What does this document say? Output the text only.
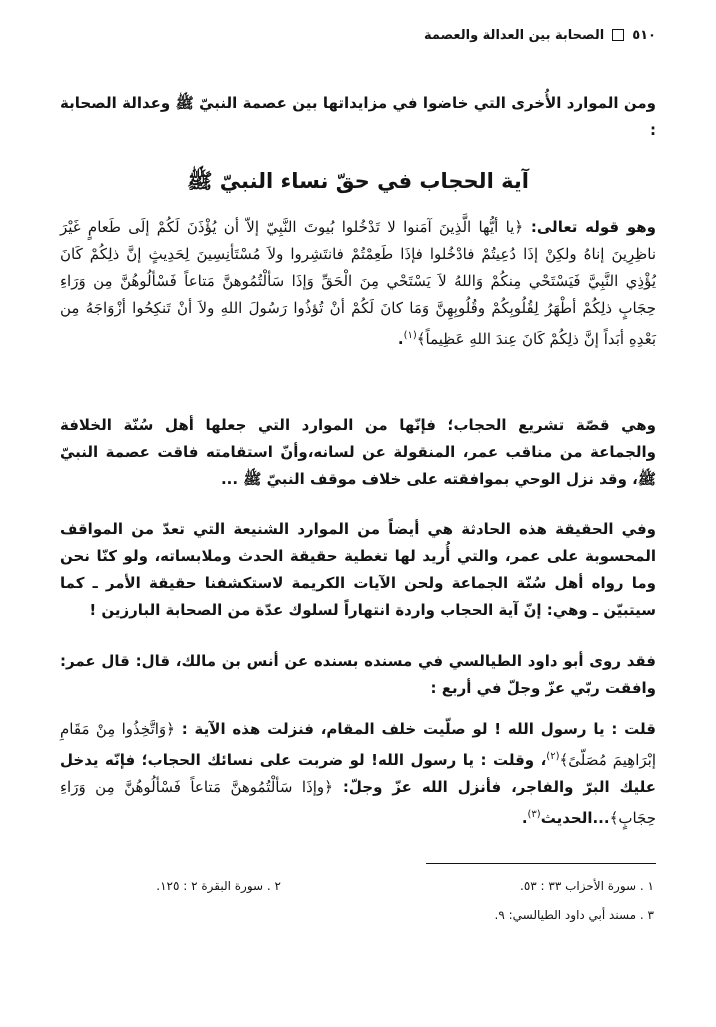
٥١٠
الصحابة بين العدالة والعصمة

ومن الموارد الأُخرى التي خاضوا في مزايداتها بين عصمة النبيّ ﷺ وعدالة الصحابة :

آية الحجاب في حقّ نساء النبيّ ﷺ

وهو قوله تعالى: ﴿يا أيُّها الَّذِينَ آمَنوا لا تَدْخُلوا بُيوتَ النَّبِيّ إلاّ أن يُؤْذَنَ لَكُمْ إلَى طَعامٍ غَيْرَ ناظِرِينَ إناهُ ولكِنْ إذَا دُعِيتُمْ فادْخُلوا فإذَا طَعِمْتُمْ فانتَشِروا ولاَ مُسْتَأنِسِينَ لِحَدِيثٍ إنَّ ذلِكُمْ كَانَ يُؤْذِي النَّبِيَّ فَيَسْتَحْي مِنكُمْ وَاللهُ لاَ يَسْتَحْي مِنَ الْحَقِّ وَإذَا سَألْتُمُوهنَّ مَتاعاً فَسْألُوهُنَّ مِن وَرَاءِ حِجَابٍ ذلِكُمْ أطْهَرُ لِقُلُوبِكُمْ وقُلُوبِهِنَّ وَمَا كانَ لَكُمْ أنْ تُؤذُوا رَسُولَ اللهِ ولاَ أنْ تَنكِحُوا أزْوَاجَهُ مِن بَعْدِهِ أبَداً إنَّ ذلِكُمْ كَانَ عِندَ اللهِ عَظِيماً﴾$^{(١)}$.

وهي قصّة تشريع الحجاب؛ فإنّها من الموارد التي جعلها أهل سُنّة الخلافة والجماعة من مناقب عمر، المنقولة عن لسانه،وأنّ استقامته فاقت عصمة النبيّ ﷺ، وقد نزل الوحي بموافقته على خلاف موقف النبيّ ﷺ ...

وفي الحقيقة هذه الحادثة هي أيضاً من الموارد الشنيعة التي تعدّ من المواقف المحسوبة على عمر، والتي أُريد لها تغطية حقيقة الحدث وملابساته، ولو كنّا نحن وما رواه أهل سُنّة الجماعة ولحن الآيات الكريمة لاستكشفنا حقيقة الأمر ـ كما سيتبيّن ـ وهي: إنّ آية الحجاب واردة انتهاراً لسلوك عدّة من الصحابة البارزين !

فقد روى أبو داود الطيالسي في مسنده بسنده عن أنس بن مالك، قال: قال عمر: وافقت ربّي عزّ وجلّ في أربع :

قلت : يا رسول الله ! لو صلّيت خلف المقام، فنزلت هذه الآية : ﴿وَاتَّخِذُوا مِنْ مَقَامِ إبْرَاهِيمَ مُصَلّىً﴾$^{(٢)}$، وقلت : يا رسول الله! لو ضربت على نسائك الحجاب؛ فإنّه يدخل عليك البرّ والفاجر، فأنزل الله عزّ وجلّ: ﴿وإذَا سَألْتُمُوهنَّ مَتاعاً فَسْألُوهُنَّ مِن وَرَاءِ حِجَابٍ﴾...الحديث$^{(٣)}$.

١ . سورة الأحزاب ٣٣ : ٥٣.
٢ . سورة البقرة ٢ : ١٢٥.
٣ . مسند أبي داود الطيالسي: ٩.
